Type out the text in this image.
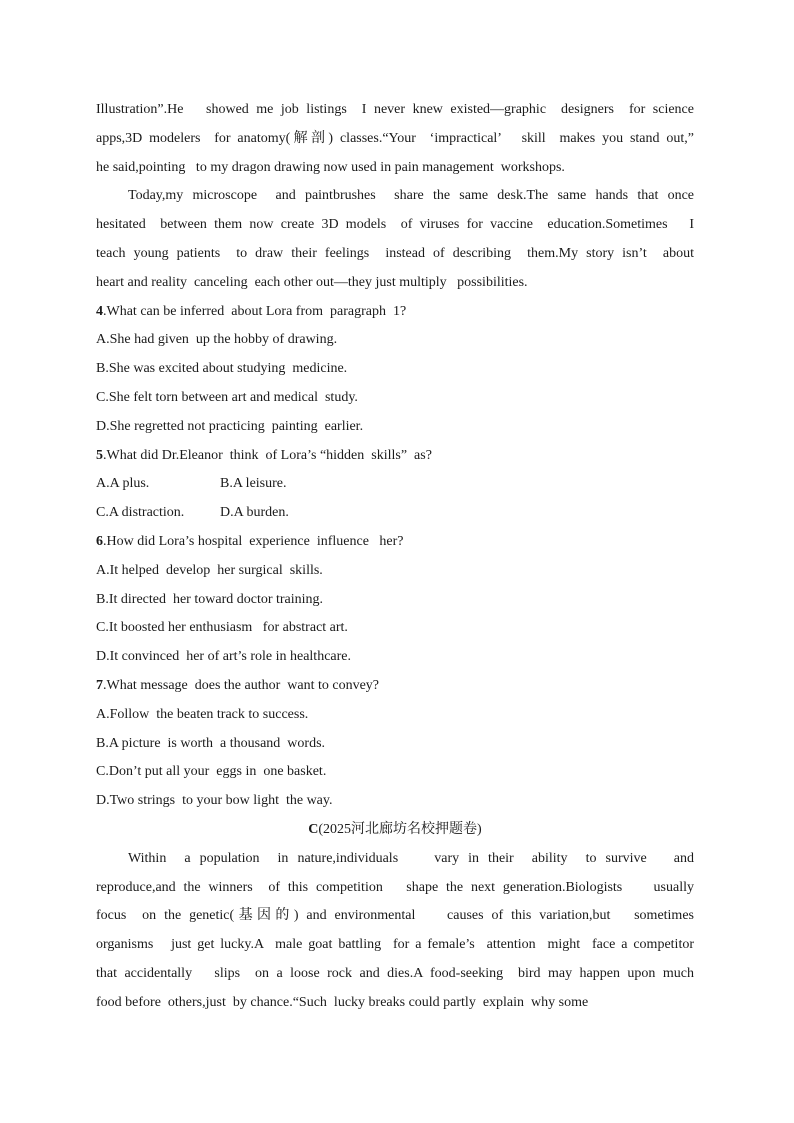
Illustration”.He   showed me job listings  I never knew existed—graphic  designers  for science
apps,3D modelers  for anatomy(解剖) classes.“Your  ‘impractical’   skill  makes you stand out,”
he said,pointing   to my dragon drawing now used in pain management  workshops.
Today,my microscope  and paintbrushes  share the same desk.The same hands that once
hesitated  between them now create 3D models  of viruses for vaccine  education.Sometimes   I
teach young patients  to draw their feelings  instead of describing  them.My story isn’t  about
heart and reality  canceling  each other out—they just multiply   possibilities.
4.What can be inferred  about Lora from  paragraph  1?
A.She had given  up the hobby of drawing.
B.She was excited about studying  medicine.
C.She felt torn between art and medical  study.
D.She regretted not practicing  painting  earlier.
5.What did Dr.Eleanor  think  of Lora’s “hidden  skills”  as?
A.A plus.	B.A leisure.
C.A distraction.	D.A burden.
6.How did Lora’s hospital  experience  influence   her?
A.It helped  develop  her surgical  skills.
B.It directed  her toward doctor training.
C.It boosted her enthusiasm   for abstract art.
D.It convinced  her of art’s role in healthcare.
7.What message  does the author  want to convey?
A.Follow  the beaten track to success.
B.A picture  is worth  a thousand  words.
C.Don’t put all your  eggs in  one basket.
D.Two strings  to your bow light  the way.
C(2025河北廊坊名校押题卷)
Within  a population  in nature,individuals    vary in their  ability  to survive   and
reproduce,and the winners  of this competition   shape the next generation.Biologists    usually
focus  on the genetic(基因的) and environmental    causes of this variation,but   sometimes
organisms   just get lucky.A  male goat battling  for a female’s  attention  might  face a competitor
that accidentally   slips  on a loose rock and dies.A food-seeking  bird may happen upon much
food before  others,just  by chance.“Such  lucky breaks could partly  explain  why some
